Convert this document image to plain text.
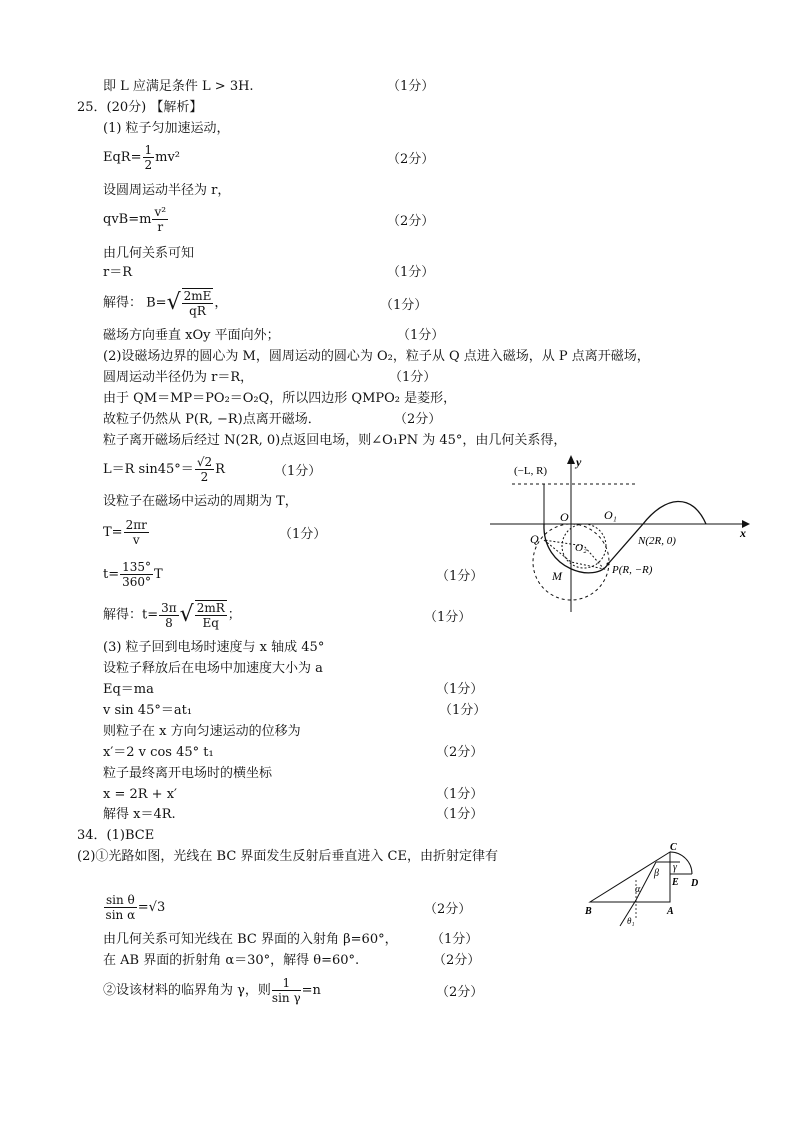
即 L 应满足条件 L > 3H.	（1分）
25．(20分) 【解析】
(1) 粒子匀加速运动，
$EqR= \frac{1}{2} mv^2$	（2分）
设圆周运动半径为 r，
$qvB=m \frac{\text{v²}}{r}$	（2分）
由几何关系可知
r＝R	（1分）
解得： $B=√ \frac{2mE}{qR}$ ，	（1分）
磁场方向垂直 xOy 平面向外；	（1分）
(2)设磁场边界的圆心为 M，圆周运动的圆心为 O₂，粒子从 Q 点进入磁场，从 P 点离开磁场，
圆周运动半径仍为 r＝R，	（1分）
由于 QM＝MP＝PO₂＝O₂Q，所以四边形 QMPO₂ 是菱形，
故粒子仍然从 P(R, −R)点离开磁场．	（2分）
粒子离开磁场后经过 N(2R, 0)点返回电场，则∠O₁PN 为 45°，由几何关系得，
L＝R $\sin 45^\circ= \frac{√2}{2}$ R	（1分）
设粒子在磁场中运动的周期为 T，
$T= \frac{2\pi r}{v}$	（1分）
$t= \frac{135^\circ}{360^\circ}$ T	（1分）
解得：$t= \frac{3\pi}{8}$ √ $\frac{2mR}{Eq}$ ；	（1分）
(3) 粒子回到电场时速度与 x 轴成 45°
设粒子释放后在电场中加速度大小为 a
Eq＝ma	（1分）
v sin 45°＝at₁	（1分）
则粒子在 x 方向匀速运动的位移为
x′＝2 v cos 45° t₁	（2分）
粒子最终离开电场时的横坐标
x = 2R + x′	（1分）
解得 x＝4R.	（1分）
34．(1)BCE
(2)①光路如图，光线在 BC 界面发生反射后垂直进入 CE，由折射定律有
$\frac{\text{sin θ}}{\text{sin α}} =√3$	（2分）
由几何关系可知光线在 BC 界面的入射角 β=60°，	（1分）
在 AB 界面的折射角 α＝30°，解得 θ=60°.	（2分）
②设该材料的临界角为 γ，则 $\frac{1}{\text{sin γ}} =n$	（2分）
x
y
(−L, R)
O	O₁
O₂
Q
M	P(R, −R)
N(2R, 0)
C
B	A
E D
α
β
γ
θ₁
